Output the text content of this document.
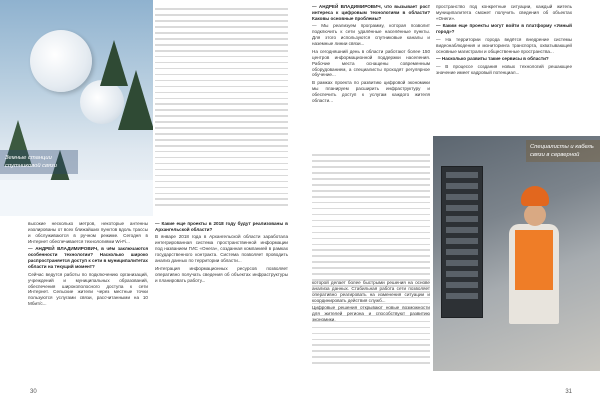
Земные станции спутниковой связи

высокие несколько метров, некоторые антенны изолированы от всех ближайших пунктов вдоль трассы и обслуживаются в ручном режиме. Сегодня в Интернет обеспечивается технологиями Wi-Fi...

— АНДРЕЙ ВЛАДИМИРОВИЧ, в чём заключаются особенности технологии? Насколько широко распространяется доступ к сети в муниципалитетах области на текущий момент?

Сейчас ведутся работы по подключению организаций, учреждений и муниципальных образований, обеспечения широкополосного доступа к сети Интернет. Сельские жители через местные точки пользуются услугами связи, рассчитанными на 10 Мбит/с...

— Какие еще проекты в 2018 году будут реализованы в Архангельской области?

В январе 2018 года в Архангельской области заработала интегрированная система пространственной информации под названием ГИС «Онега», созданная компанией в рамках государственного контракта. Система позволяет проводить анализ данных по территории области...

Интеграция информационных ресурсов позволяет оперативно получать сведения об объектах инфраструктуры и планировать работу...

30

— АНДРЕЙ ВЛАДИМИРОВИЧ, что вызывает рост интереса к цифровым технологиям в области? Каковы основные проблемы?

— Мы реализуем программу, которая позволит подключить к сети удалённые населённые пункты. Для этого используются спутниковые каналы и наземные линии связи...

На сегодняшний день в области работают более 150 центров информационной поддержки населения. Рабочие места оснащены современным оборудованием, а специалисты проходят регулярное обучение...

В рамках проекта по развитию цифровой экономики мы планируем расширить инфраструктуру и обеспечить доступ к услугам каждого жителя области...

пространство под конкретные ситуации, каждый житель муниципалитета сможет получить сведения об объектах «Онеги».

— Каким еще проекты могут войти в платформу «Умный город»?

— На территории города ведётся внедрение системы видеонаблюдения и мониторинга транспорта, охватывающей основные магистрали и общественные пространства...

— Насколько развиты такие сервисы в области?

— В процессе создания новых технологий решающее значение имеет кадровый потенциал...

Специалисты и кабель связи в серверной

которой делает более быстрыми решения на основе анализа данных. Стабильная работа сети позволяет оперативно реагировать на изменения ситуации и координировать действия служб...

Цифровые решения открывают новые возможности для жителей региона и способствуют развитию экономики.

31
